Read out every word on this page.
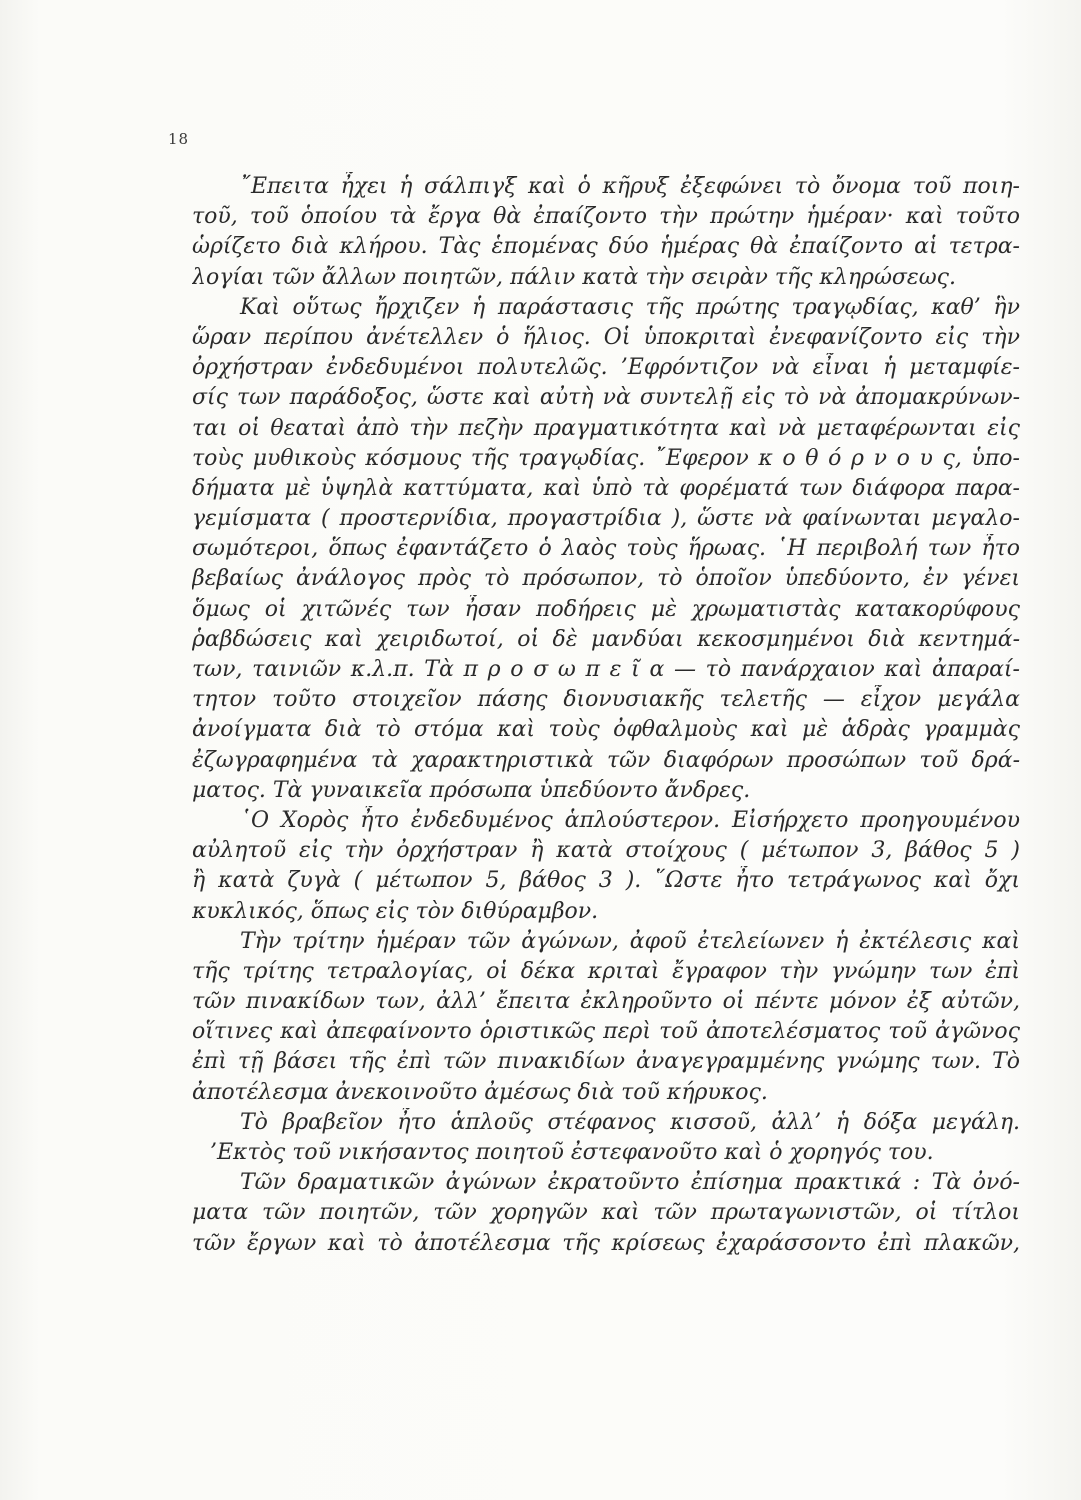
18
῎Επειτα ἦχει ἡ σάλπιγξ καὶ ὁ κῆρυξ ἐξεφώνει τὸ ὄνομα τοῦ ποιη-
τοῦ, τοῦ ὁποίου τὰ ἔργα θὰ ἐπαίζοντο τὴν πρώτην ἡμέραν· καὶ τοῦτο
ὡρίζετο διὰ κλήρου. Τὰς ἑπομένας δύο ἡμέρας θὰ ἐπαίζοντο αἱ τετρα-
λογίαι τῶν ἄλλων ποιητῶν, πάλιν κατὰ τὴν σειρὰν τῆς κληρώσεως.
Καὶ οὕτως ἤρχιζεν ἡ παράστασις τῆς πρώτης τραγῳδίας, καθ’ ἣν
ὥραν περίπου ἀνέτελλεν ὁ ἥλιος. Οἱ ὑποκριταὶ ἐνεφανίζοντο εἰς τὴν
ὀρχήστραν ἐνδεδυμένοι πολυτελῶς. ’Εφρόντιζον νὰ εἶναι ἡ μεταμφίε-
σίς των παράδοξος, ὥστε καὶ αὐτὴ νὰ συντελῇ εἰς τὸ νὰ ἀπομακρύνων-
ται οἱ θεαταὶ ἀπὸ τὴν πεζὴν πραγματικότητα καὶ νὰ μεταφέρωνται εἰς
τοὺς μυθικοὺς κόσμους τῆς τραγῳδίας. ῎Εφερον κ ο θ ό ρ ν ο υ ς, ὑπο-
δήματα μὲ ὑψηλὰ καττύματα, καὶ ὑπὸ τὰ φορέματά των διάφορα παρα-
γεμίσματα ( προστερνίδια, προγαστρίδια ), ὥστε νὰ φαίνωνται μεγαλο-
σωμότεροι, ὅπως ἐφαντάζετο ὁ λαὸς τοὺς ἥρωας. ῾Η περιβολή των ἦτο
βεβαίως ἀνάλογος πρὸς τὸ πρόσωπον, τὸ ὁποῖον ὑπεδύοντο, ἐν γένει
ὅμως οἱ χιτῶνές των ἦσαν ποδήρεις μὲ χρωματιστὰς κατακορύφους
ῥαβδώσεις καὶ χειριδωτοί, οἱ δὲ μανδύαι κεκοσμημένοι διὰ κεντημά-
των, ταινιῶν κ.λ.π. Τὰ π ρ ο σ ω π ε ῖ α — τὸ πανάρχαιον καὶ ἀπαραί-
τητον τοῦτο στοιχεῖον πάσης διονυσιακῆς τελετῆς — εἶχον μεγάλα
ἀνοίγματα διὰ τὸ στόμα καὶ τοὺς ὀφθαλμοὺς καὶ μὲ ἁδρὰς γραμμὰς
ἐζωγραφημένα τὰ χαρακτηριστικὰ τῶν διαφόρων προσώπων τοῦ δρά-
ματος. Τὰ γυναικεῖα πρόσωπα ὑπεδύοντο ἄνδρες.
῾Ο Χορὸς ἦτο ἐνδεδυμένος ἁπλούστερον. Εἰσήρχετο προηγουμένου
αὐλητοῦ εἰς τὴν ὀρχήστραν ἢ κατὰ στοίχους ( μέτωπον 3, βάθος 5 )
ἢ κατὰ ζυγὰ ( μέτωπον 5, βάθος 3 ). ῞Ωστε ἦτο τετράγωνος καὶ ὄχι
κυκλικός, ὅπως εἰς τὸν διθύραμβον.
Τὴν τρίτην ἡμέραν τῶν ἀγώνων, ἀφοῦ ἐτελείωνεν ἡ ἐκτέλεσις καὶ
τῆς τρίτης τετραλογίας, οἱ δέκα κριταὶ ἔγραφον τὴν γνώμην των ἐπὶ
τῶν πινακίδων των, ἀλλ’ ἔπειτα ἐκληροῦντο οἱ πέντε μόνον ἐξ αὐτῶν,
οἵτινες καὶ ἀπεφαίνοντο ὁριστικῶς περὶ τοῦ ἀποτελέσματος τοῦ ἀγῶνος
ἐπὶ τῇ βάσει τῆς ἐπὶ τῶν πινακιδίων ἀναγεγραμμένης γνώμης των. Τὸ
ἀποτέλεσμα ἀνεκοινοῦτο ἀμέσως διὰ τοῦ κήρυκος.
Τὸ βραβεῖον ἦτο ἁπλοῦς στέφανος κισσοῦ, ἀλλ’ ἡ δόξα μεγάλη.
’Εκτὸς τοῦ νικήσαντος ποιητοῦ ἐστεφανοῦτο καὶ ὁ χορηγός του.
Τῶν δραματικῶν ἀγώνων ἐκρατοῦντο ἐπίσημα πρακτικά : Τὰ ὀνό-
ματα τῶν ποιητῶν, τῶν χορηγῶν καὶ τῶν πρωταγωνιστῶν, οἱ τίτλοι
τῶν ἔργων καὶ τὸ ἀποτέλεσμα τῆς κρίσεως ἐχαράσσοντο ἐπὶ πλακῶν,
